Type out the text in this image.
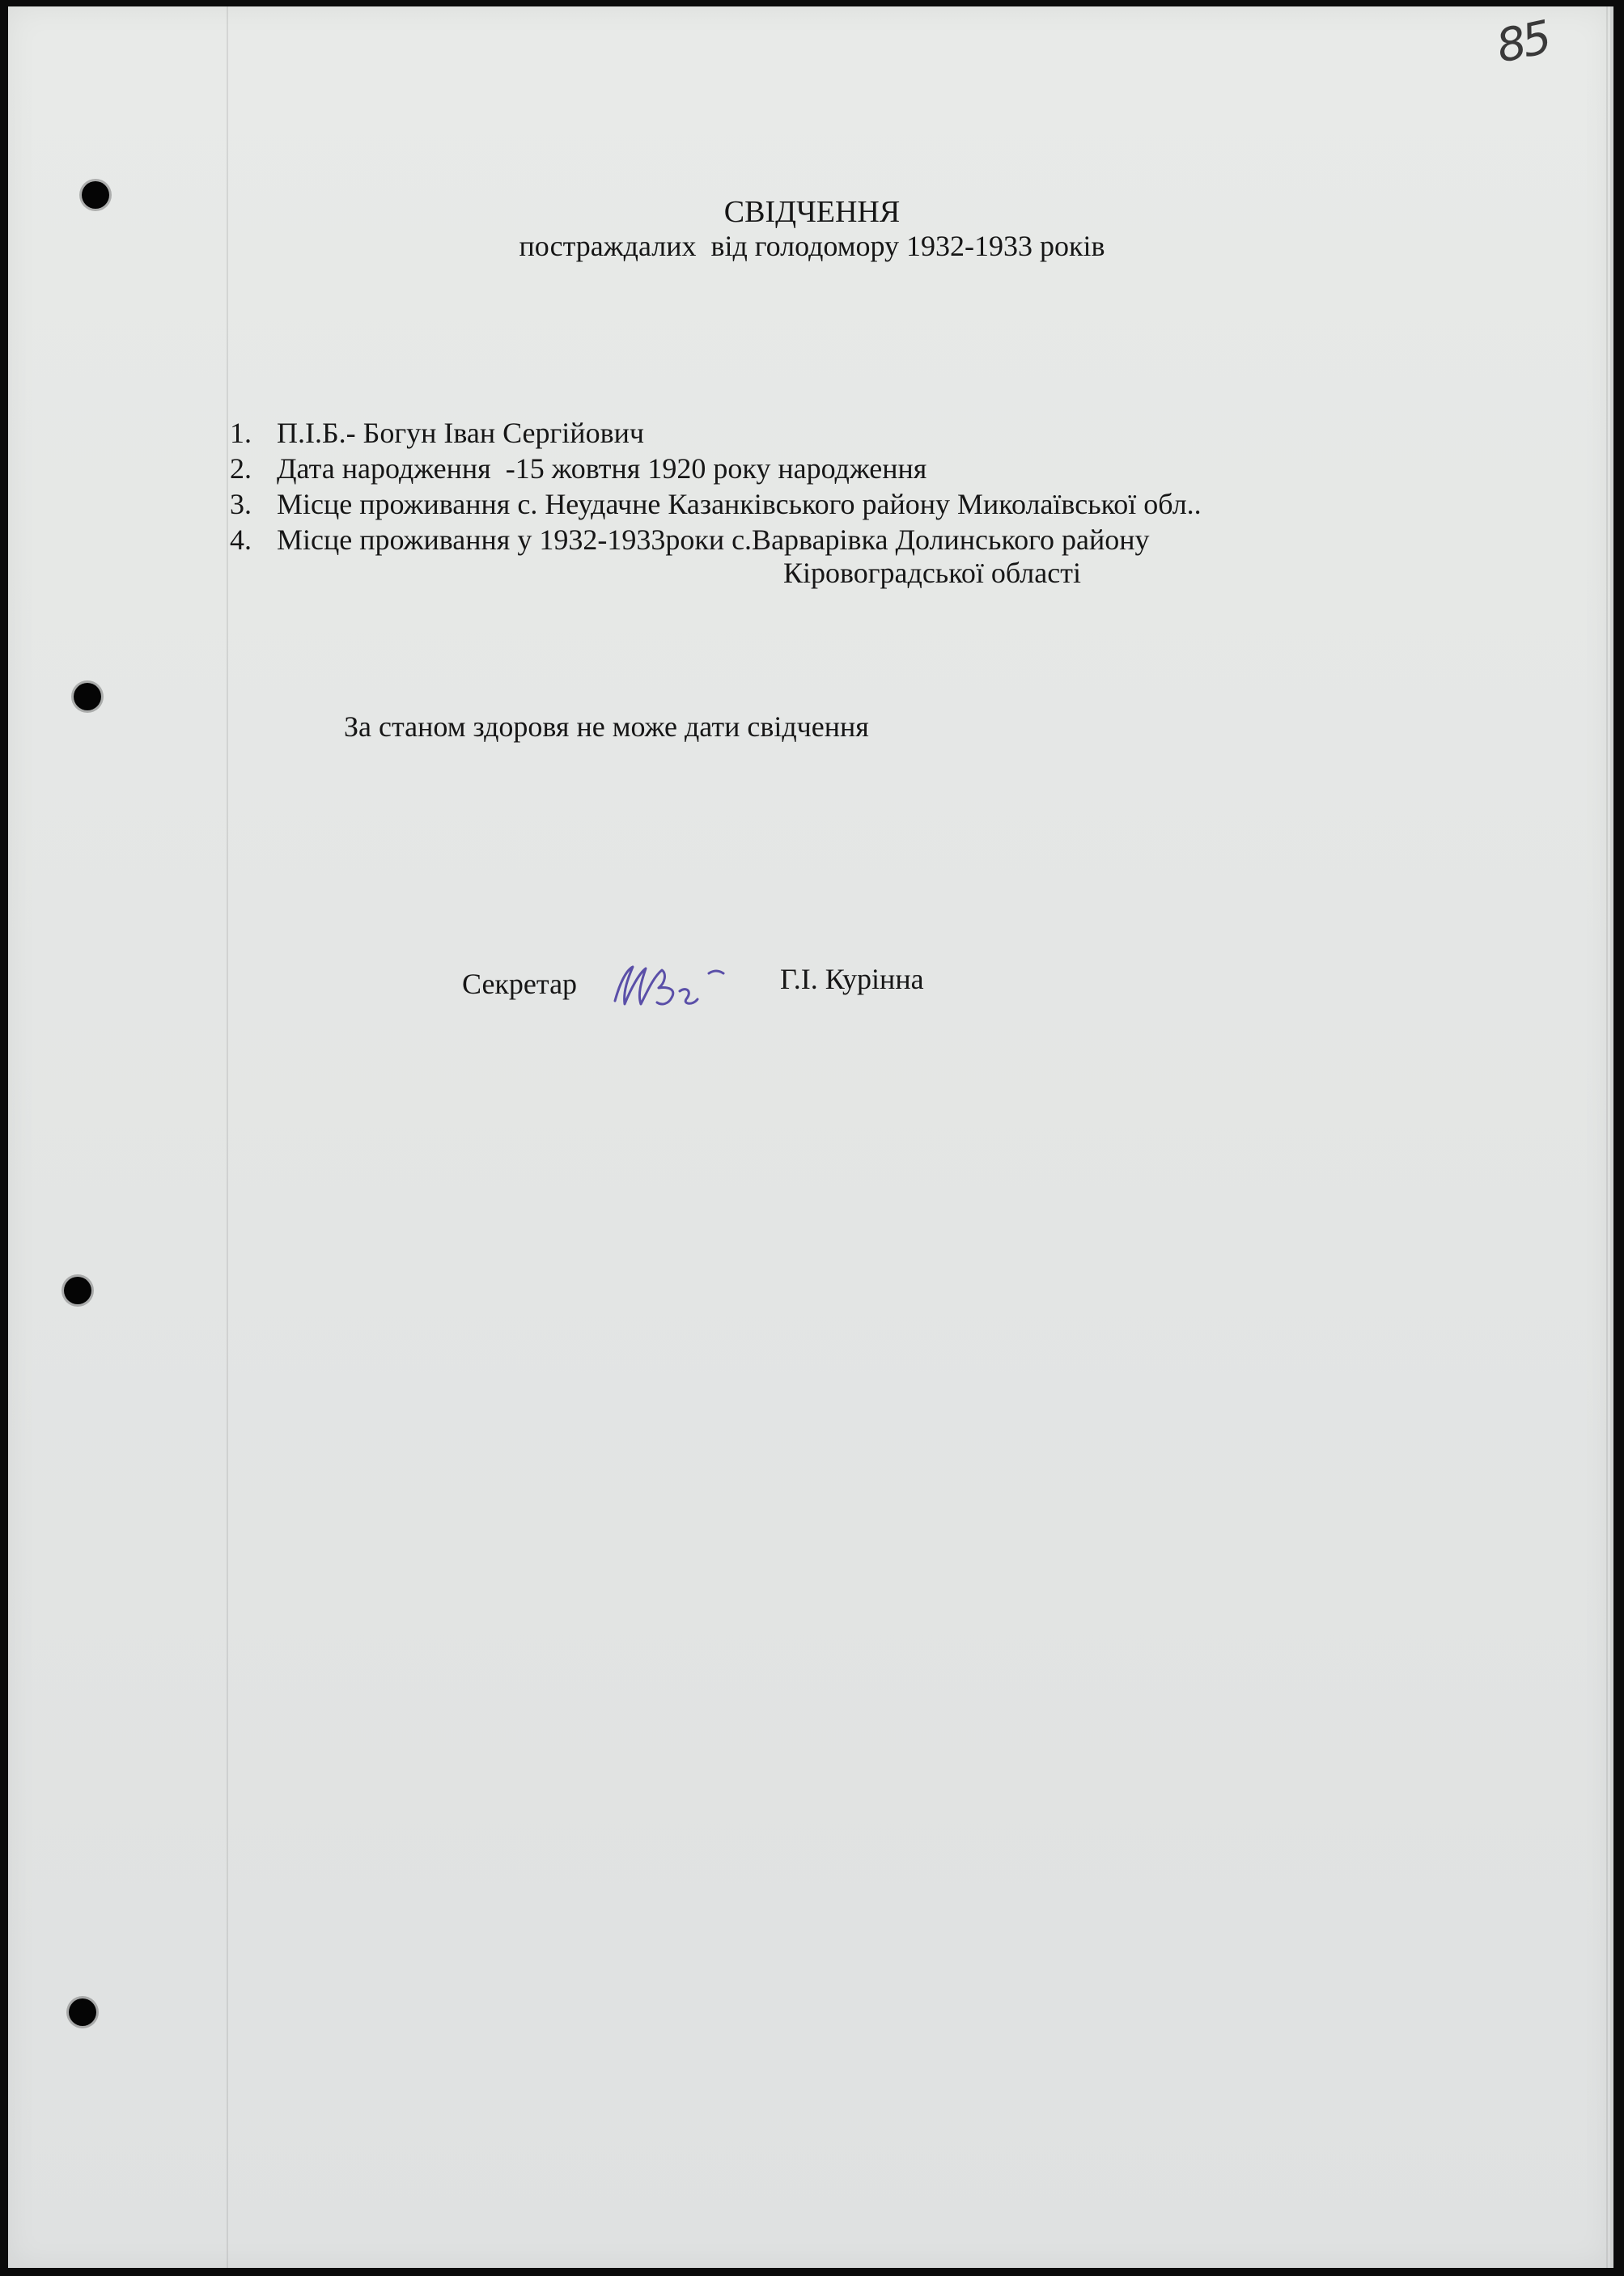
85
СВІДЧЕННЯ
постраждалих  від голодомору 1932-1933 років
1. П.І.Б.- Богун Іван Сергійович
2. Дата народження  -15 жовтня 1920 року народження
3. Місце проживання с. Неудачне Казанківського району Миколаївської обл..
4. Місце проживання у 1932-1933роки с.Варварівка Долинського району
Кіровоградської області
За станом здоровя не може дати свідчення
Секретар	Г.І. Курінна
